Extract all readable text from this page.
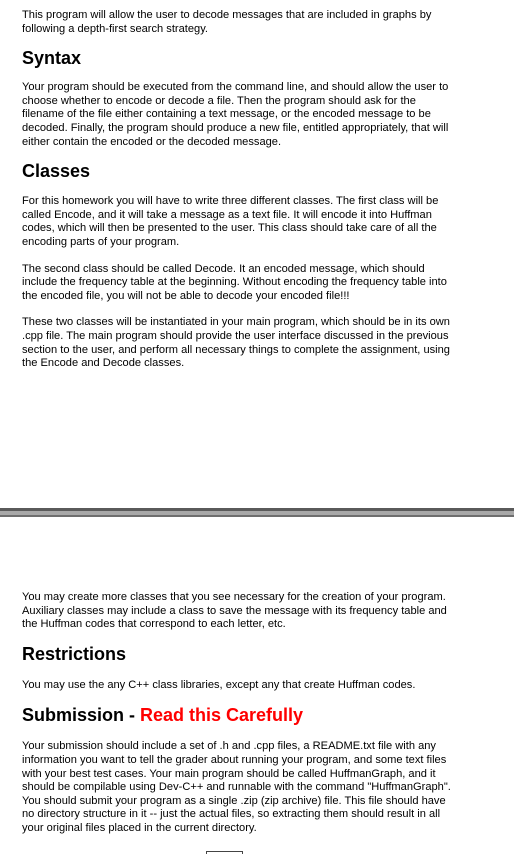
This program will allow the user to decode messages that are included in graphs by following a depth-first search strategy.

Syntax

Your program should be executed from the command line, and should allow the user to choose whether to encode or decode a file. Then the program should ask for the filename of the file either containing a text message, or the encoded message to be decoded. Finally, the program should produce a new file, entitled appropriately, that will either contain the encoded or the decoded message.

Classes

For this homework you will have to write three different classes. The first class will be called Encode, and it will take a message as a text file. It will encode it into Huffman codes, which will then be presented to the user. This class should take care of all the encoding parts of your program.

The second class should be called Decode. It an encoded message, which should include the frequency table at the beginning. Without encoding the frequency table into the encoded file, you will not be able to decode your encoded file!!!

These two classes will be instantiated in your main program, which should be in its own .cpp file. The main program should provide the user interface discussed in the previous section to the user, and perform all necessary things to complete the assignment, using the Encode and Decode classes.

You may create more classes that you see necessary for the creation of your program. Auxiliary classes may include a class to save the message with its frequency table and the Huffman codes that correspond to each letter, etc.

Restrictions

You may use the any C++ class libraries, except any that create Huffman codes.

Submission - Read this Carefully

Your submission should include a set of .h and .cpp files, a README.txt file with any information you want to tell the grader about running your program, and some text files with your best test cases. Your main program should be called HuffmanGraph, and it should be compilable using Dev-C++ and runnable with the command "HuffmanGraph". You should submit your program as a single .zip (zip archive) file. This file should have no directory structure in it -- just the actual files, so extracting them should result in all your original files placed in the current directory.
